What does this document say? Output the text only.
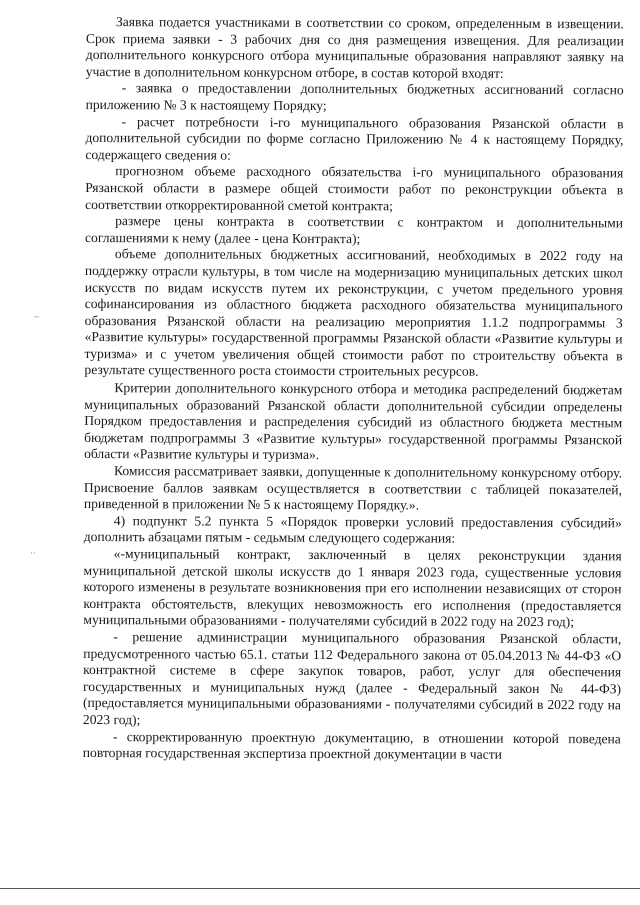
Заявка подается участниками в соответствии со сроком, определенным в извещении. Срок приема заявки - 3 рабочих дня со дня размещения извещения. Для реализации дополнительного конкурсного отбора муниципальные образования направляют заявку на участие в дополнительном конкурсном отборе, в состав которой входят:

- заявка о предоставлении дополнительных бюджетных ассигнований согласно приложению № 3 к настоящему Порядку;

- расчет потребности i-го муниципального образования Рязанской области в дополнительной субсидии по форме согласно Приложению № 4 к настоящему Порядку, содержащего сведения о:

прогнозном объеме расходного обязательства i-го муниципального образования Рязанской области в размере общей стоимости работ по реконструкции объекта в соответствии откорректированной сметой контракта;

размере цены контракта в соответствии с контрактом и дополнительными соглашениями к нему (далее - цена Контракта);

объеме дополнительных бюджетных ассигнований, необходимых в 2022 году на поддержку отрасли культуры, в том числе на модернизацию муниципальных детских школ искусств по видам искусств путем их реконструкции, с учетом предельного уровня софинансирования из областного бюджета расходного обязательства муниципального образования Рязанской области на реализацию мероприятия 1.1.2 подпрограммы 3 «Развитие культуры» государственной программы Рязанской области «Развитие культуры и туризма» и с учетом увеличения общей стоимости работ по строительству объекта в результате существенного роста стоимости строительных ресурсов.

Критерии дополнительного конкурсного отбора и методика распределений бюджетам муниципальных образований Рязанской области дополнительной субсидии определены Порядком предоставления и распределения субсидий из областного бюджета местным бюджетам подпрограммы 3 «Развитие культуры» государственной программы Рязанской области «Развитие культуры и туризма».

Комиссия рассматривает заявки, допущенные к дополнительному конкурсному отбору. Присвоение баллов заявкам осуществляется в соответствии с таблицей показателей, приведенной в приложении № 5 к настоящему Порядку.».

4) подпункт 5.2 пункта 5 «Порядок проверки условий предоставления субсидий» дополнить абзацами пятым - седьмым следующего содержания:

«-муниципальный контракт, заключенный в целях реконструкции здания муниципальной детской школы искусств до 1 января 2023 года, существенные условия которого изменены в результате возникновения при его исполнении независящих от сторон контракта обстоятельств, влекущих невозможность его исполнения (предоставляется муниципальными образованиями - получателями субсидий в 2022 году на 2023 год);

- решение администрации муниципального образования Рязанской области, предусмотренного частью 65.1. статьи 112 Федерального закона от 05.04.2013 № 44-ФЗ «О контрактной системе в сфере закупок товаров, работ, услуг для обеспечения государственных и муниципальных нужд (далее - Федеральный закон № 44-ФЗ) (предоставляется муниципальными образованиями - получателями субсидий в 2022 году на 2023 год);

- скорректированную проектную документацию, в отношении которой поведена повторная государственная экспертиза проектной документации в части

~
··
